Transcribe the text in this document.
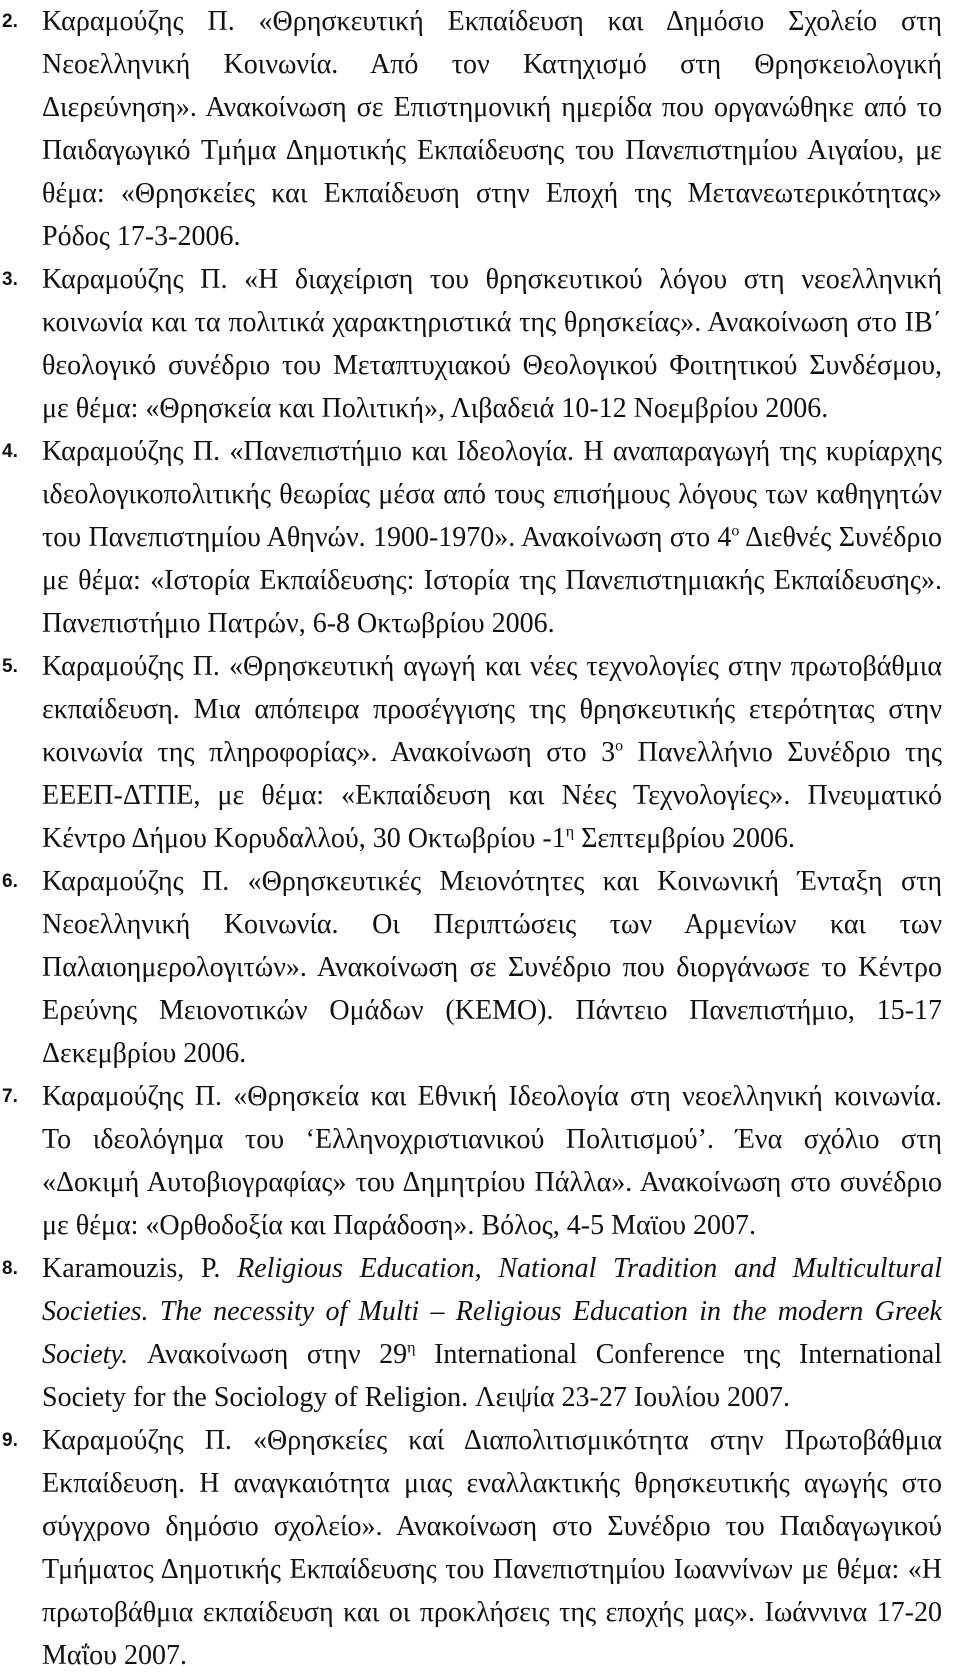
2. Καραμούζης Π. «Θρησκευτική Εκπαίδευση και Δημόσιο Σχολείο στη Νεοελληνική Κοινωνία. Από τον Κατηχισμό στη Θρησκειολογική Διερεύνηση». Ανακοίνωση σε Επιστημονική ημερίδα που οργανώθηκε από το Παιδαγωγικό Τμήμα Δημοτικής Εκπαίδευσης του Πανεπιστημίου Αιγαίου, με θέμα: «Θρησκείες και Εκπαίδευση στην Εποχή της Μετανεωτερικότητας» Ρόδος 17-3-2006.
3. Καραμούζης Π. «Η διαχείριση του θρησκευτικού λόγου στη νεοελληνική κοινωνία και τα πολιτικά χαρακτηριστικά της θρησκείας». Ανακοίνωση στο ΙΒ΄ θεολογικό συνέδριο του Μεταπτυχιακού Θεολογικού Φοιτητικού Συνδέσμου, με θέμα: «Θρησκεία και Πολιτική», Λιβαδειά 10-12 Νοεμβρίου 2006.
4. Καραμούζης Π. «Πανεπιστήμιο και Ιδεολογία. Η αναπαραγωγή της κυρίαρχης ιδεολογικοπολιτικής θεωρίας μέσα από τους επισήμους λόγους των καθηγητών του Πανεπιστημίου Αθηνών. 1900-1970». Ανακοίνωση στο $4^o$ Διεθνές Συνέδριο με θέμα: «Ιστορία Εκπαίδευσης: Ιστορία της Πανεπιστημιακής Εκπαίδευσης». Πανεπιστήμιο Πατρών, 6-8 Οκτωβρίου 2006.
5. Καραμούζης Π. «Θρησκευτική αγωγή και νέες τεχνολογίες στην πρωτοβάθμια εκπαίδευση. Μια απόπειρα προσέγγισης της θρησκευτικής ετερότητας στην κοινωνία της πληροφορίας». Ανακοίνωση στο $3^o$ Πανελλήνιο Συνέδριο της ΕΕΕΠ-ΔΤΠΕ, με θέμα: «Εκπαίδευση και Νέες Τεχνολογίες». Πνευματικό Κέντρο Δήμου Κορυδαλλού, 30 Οκτωβρίου $-1^\eta$ Σεπτεμβρίου 2006.
6. Καραμούζης Π. «Θρησκευτικές Μειονότητες και Κοινωνική Ένταξη στη Νεοελληνική Κοινωνία. Οι Περιπτώσεις των Αρμενίων και των Παλαιοημερολογιτών». Ανακοίνωση σε Συνέδριο που διοργάνωσε το Κέντρο Ερεύνης Μειονοτικών Ομάδων (ΚΕΜΟ). Πάντειο Πανεπιστήμιο, 15-17 Δεκεμβρίου 2006.
7. Καραμούζης Π. «Θρησκεία και Εθνική Ιδεολογία στη νεοελληνική κοινωνία. Το ιδεολόγημα του ‘Ελληνοχριστιανικού Πολιτισμού’. Ένα σχόλιο στη «Δοκιμή Αυτοβιογραφίας» του Δημητρίου Πάλλα». Ανακοίνωση στο συνέδριο με θέμα: «Ορθοδοξία και Παράδοση». Βόλος, 4-5 Μαϊου 2007.
8. Karamouzis, P. Religious Education, National Tradition and Multicultural Societies. The necessity of Multi – Religious Education in the modern Greek Society. Ανακοίνωση στην $29^\eta$ International Conference της International Society for the Sociology of Religion. Λειψία 23-27 Ιουλίου 2007.
9. Καραμούζης Π. «Θρησκείες καί Διαπολιτισμικότητα στην Πρωτοβάθμια Εκπαίδευση. Η αναγκαιότητα μιας εναλλακτικής θρησκευτικής αγωγής στο σύγχρονο δημόσιο σχολείο». Ανακοίνωση στο Συνέδριο του Παιδαγωγικού Τμήματος Δημοτικής Εκπαίδευσης του Πανεπιστημίου Ιωαννίνων με θέμα: «Η πρωτοβάθμια εκπαίδευση και οι προκλήσεις της εποχής μας». Ιωάννινα 17-20 Μαΐου 2007.
